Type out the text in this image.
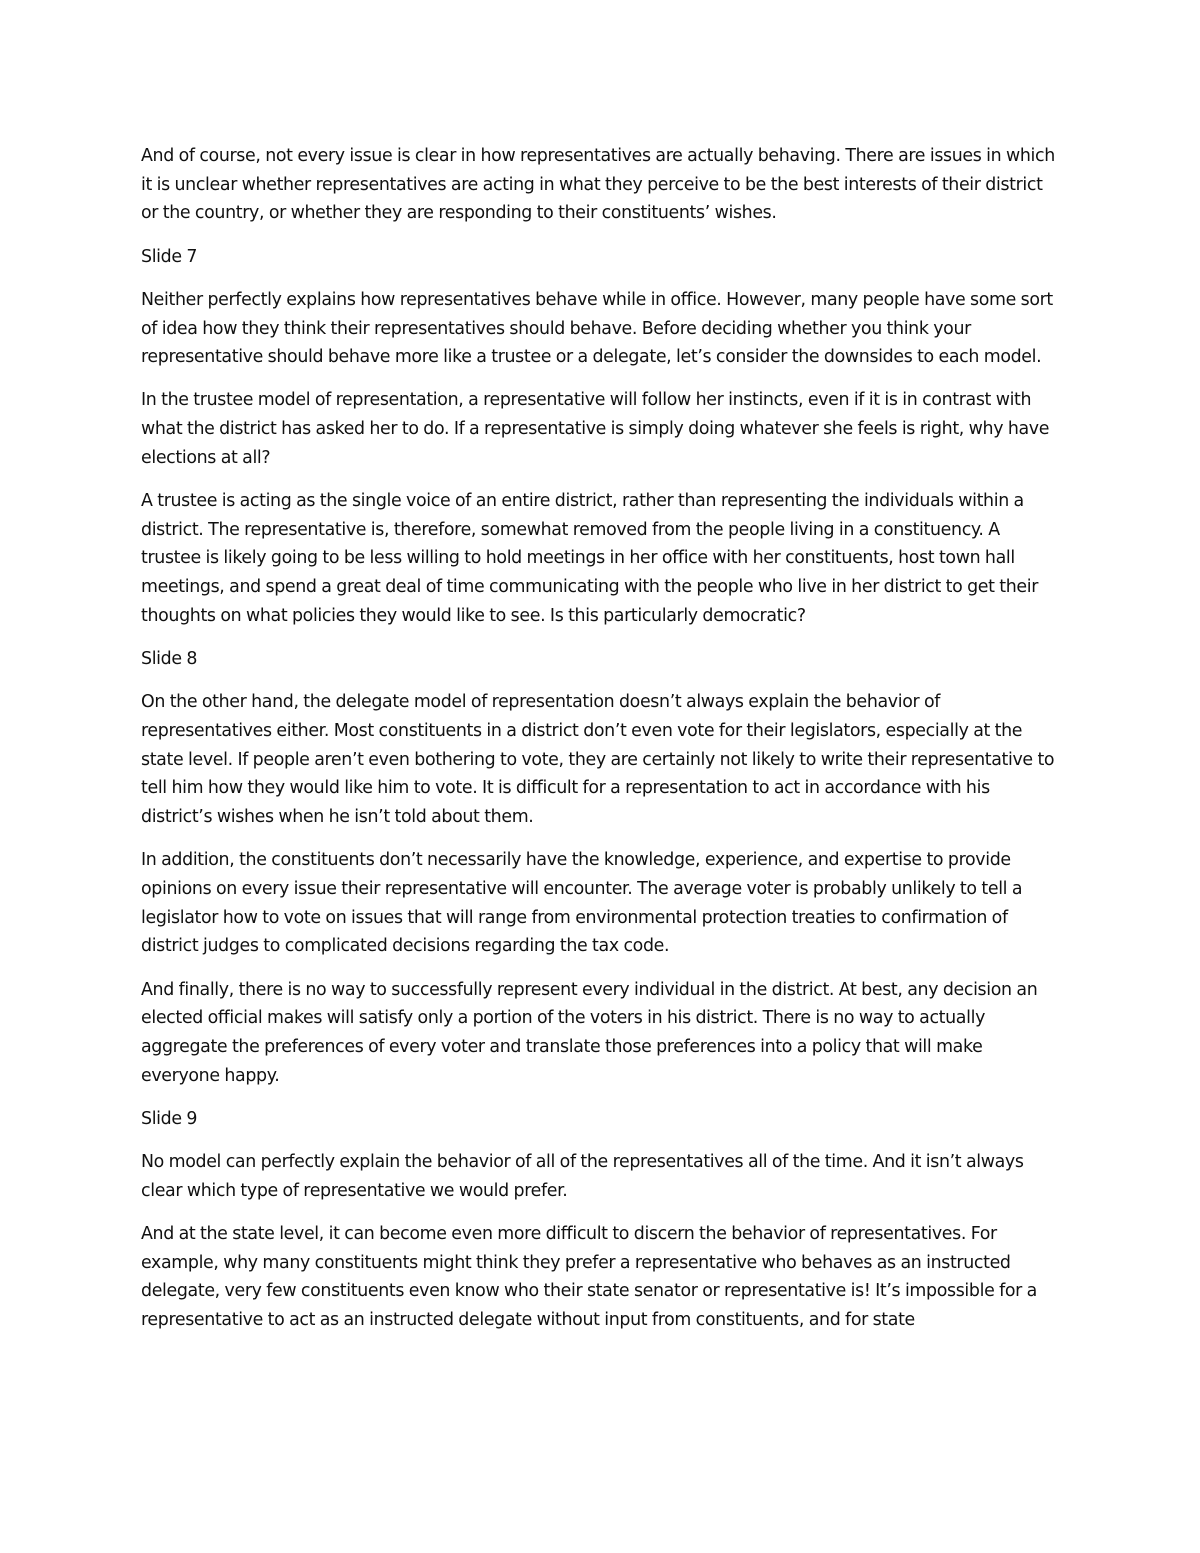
And of course, not every issue is clear in how representatives are actually behaving. There are issues in which it is unclear whether representatives are acting in what they perceive to be the best interests of their district or the country, or whether they are responding to their constituents’ wishes.

Slide 7

Neither perfectly explains how representatives behave while in office. However, many people have some sort of idea how they think their representatives should behave. Before deciding whether you think your representative should behave more like a trustee or a delegate, let’s consider the downsides to each model.

In the trustee model of representation, a representative will follow her instincts, even if it is in contrast with what the district has asked her to do. If a representative is simply doing whatever she feels is right, why have elections at all?

A trustee is acting as the single voice of an entire district, rather than representing the individuals within a district. The representative is, therefore, somewhat removed from the people living in a constituency. A trustee is likely going to be less willing to hold meetings in her office with her constituents, host town hall meetings, and spend a great deal of time communicating with the people who live in her district to get their thoughts on what policies they would like to see. Is this particularly democratic?

Slide 8

On the other hand, the delegate model of representation doesn’t always explain the behavior of representatives either. Most constituents in a district don’t even vote for their legislators, especially at the state level. If people aren’t even bothering to vote, they are certainly not likely to write their representative to tell him how they would like him to vote. It is difficult for a representation to act in accordance with his district’s wishes when he isn’t told about them.

In addition, the constituents don’t necessarily have the knowledge, experience, and expertise to provide opinions on every issue their representative will encounter. The average voter is probably unlikely to tell a legislator how to vote on issues that will range from environmental protection treaties to confirmation of district judges to complicated decisions regarding the tax code.

And finally, there is no way to successfully represent every individual in the district. At best, any decision an elected official makes will satisfy only a portion of the voters in his district. There is no way to actually aggregate the preferences of every voter and translate those preferences into a policy that will make everyone happy.

Slide 9

No model can perfectly explain the behavior of all of the representatives all of the time. And it isn’t always clear which type of representative we would prefer.

And at the state level, it can become even more difficult to discern the behavior of representatives. For example, why many constituents might think they prefer a representative who behaves as an instructed delegate, very few constituents even know who their state senator or representative is! It’s impossible for a representative to act as an instructed delegate without input from constituents, and for state
